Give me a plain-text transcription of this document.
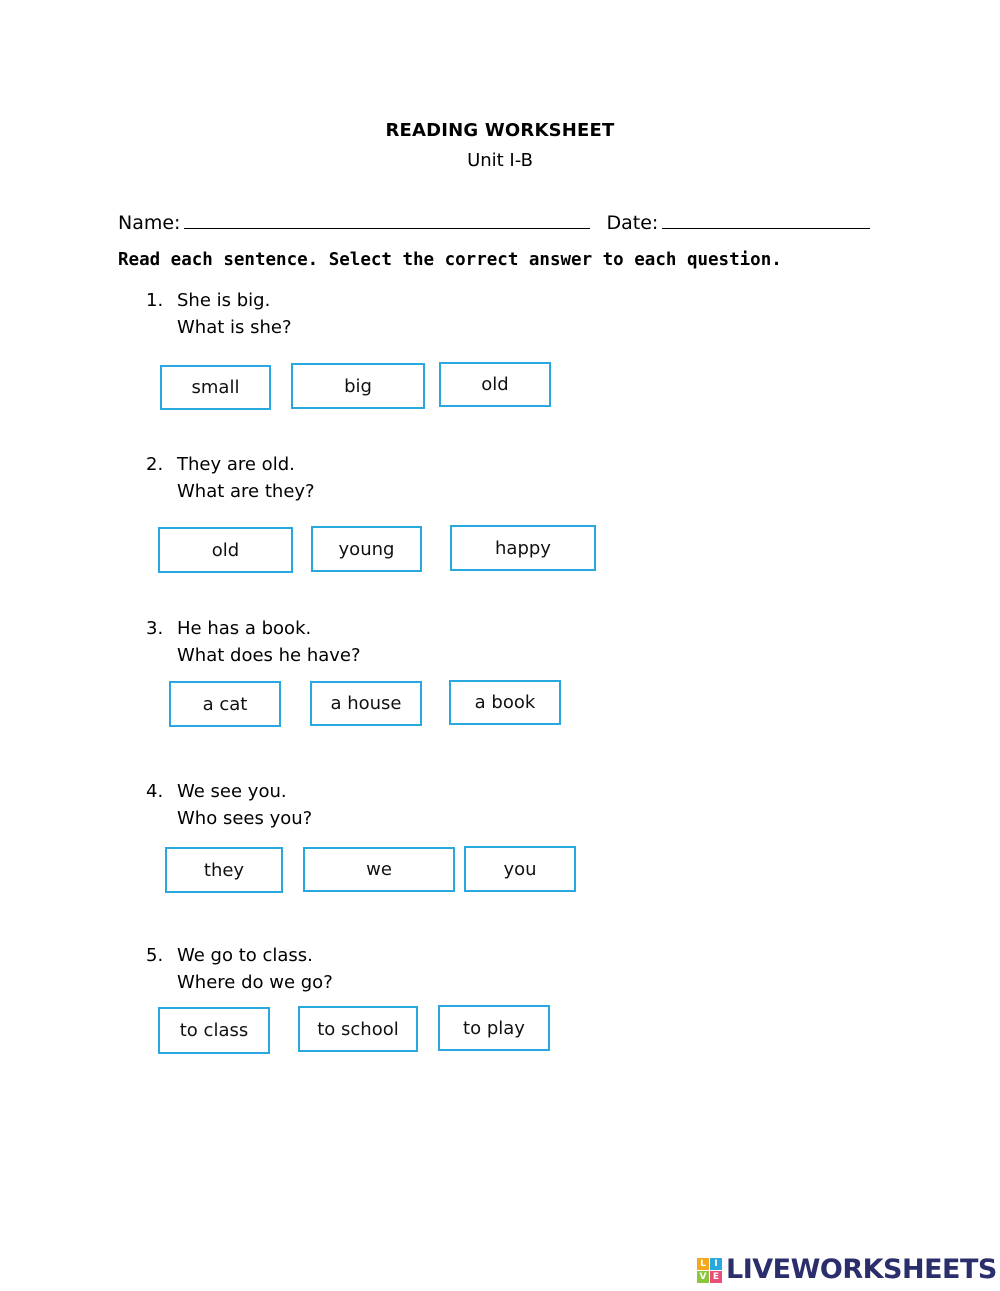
READING WORKSHEET
Unit I-B
Name:	Date:
Read each sentence. Select the correct answer to each question.
1. She is big.
What is she?
small	big	old
2. They are old.
What are they?
old	young	happy
3. He has a book.
What does he have?
a cat	a house	a book
4. We see you.
Who sees you?
they	we	you
5. We go to class.
Where do we go?
to class	to school	to play
L I
V E LIVEWORKSHEETS
